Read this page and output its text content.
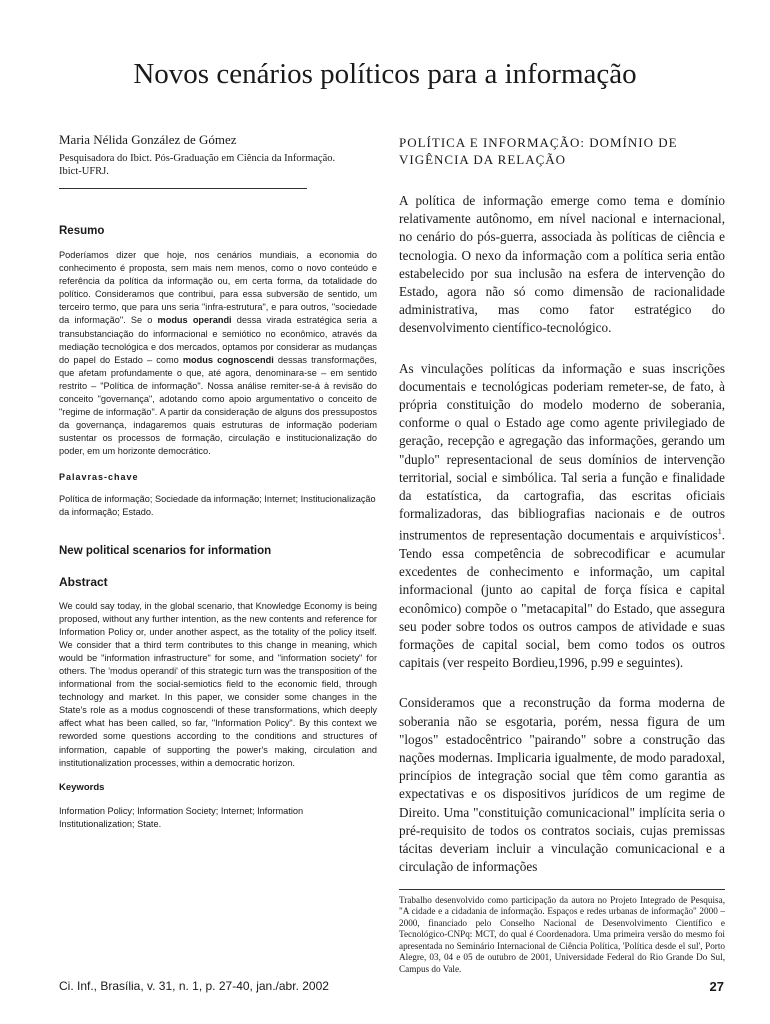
Novos cenários políticos para a informação

Maria Nélida González de Gómez

Pesquisadora do Ibict. Pós-Graduação em Ciência da Informação. Ibict-UFRJ.

Resumo

Poderíamos dizer que hoje, nos cenários mundiais, a economia do conhecimento é proposta, sem mais nem menos, como o novo conteúdo e referência da política da informação ou, em certa forma, da totalidade do político. Consideramos que contribui, para essa subversão de sentido, um terceiro termo, que para uns seria "infra-estrutura", e para outros, "sociedade da informação". Se o modus operandi dessa virada estratégica seria a transubstanciação do informacional e semiótico no econômico, através da mediação tecnológica e dos mercados, optamos por considerar as mudanças do papel do Estado – como modus cognoscendi dessas transformações, que afetam profundamente o que, até agora, denominara-se – em sentido restrito – "Política de informação". Nossa análise remiter-se-á à revisão do conceito "governança", adotando como apoio argumentativo o conceito de "regime de informação". A partir da consideração de alguns dos pressupostos da governança, indagaremos quais estruturas de informação poderiam sustentar os processos de formação, circulação e institucionalização do poder, em um horizonte democrático.

Palavras-chave

Política de informação; Sociedade da informação; Internet; Institucionalização da informação; Estado.

New political scenarios for information

Abstract

We could say today, in the global scenario, that Knowledge Economy is being proposed, without any further intention, as the new contents and reference for Information Policy or, under another aspect, as the totality of the policy itself. We consider that a third term contributes to this change in meaning, which would be "information infrastructure" for some, and "information society" for others. The 'modus operandi' of this strategic turn was the transposition of the informational from the social-semiotics field to the economic field, through technology and market. In this paper, we consider some changes in the State's role as a modus cognoscendi of these transformations, which deeply affect what has been called, so far, "Information Policy". By this context we reworded some questions according to the conditions and structures of information, capable of supporting the power's making, circulation and institutionalization processes, within a democratic horizon.

Keywords

Information Policy; Information Society; Internet; Information Institutionalization; State.

POLÍTICA E INFORMAÇÃO: DOMÍNIO DE VIGÊNCIA DA RELAÇÃO

A política de informação emerge como tema e domínio relativamente autônomo, em nível nacional e internacional, no cenário do pós-guerra, associada às políticas de ciência e tecnologia. O nexo da informação com a política seria então estabelecido por sua inclusão na esfera de intervenção do Estado, agora não só como dimensão de racionalidade administrativa, mas como fator estratégico do desenvolvimento científico-tecnológico.

As vinculações políticas da informação e suas inscrições documentais e tecnológicas poderiam remeter-se, de fato, à própria constituição do modelo moderno de soberania, conforme o qual o Estado age como agente privilegiado de geração, recepção e agregação das informações, gerando um "duplo" representacional de seus domínios de intervenção territorial, social e simbólica. Tal seria a função e finalidade da estatística, da cartografia, das escritas oficiais formalizadoras, das bibliografias nacionais e de outros instrumentos de representação documentais e arquivísticos$^1$. Tendo essa competência de sobrecodificar e acumular excedentes de conhecimento e informação, um capital informacional (junto ao capital de força física e capital econômico) compõe o "metacapital" do Estado, que assegura seu poder sobre todos os outros campos de atividade e suas formações de capital social, bem como todos os outros capitais (ver respeito Bordieu,1996, p.99 e seguintes).

Consideramos que a reconstrução da forma moderna de soberania não se esgotaria, porém, nessa figura de um "logos" estadocêntrico "pairando" sobre a construção das nações modernas. Implicaria igualmente, de modo paradoxal, princípios de integração social que têm como garantia as expectativas e os dispositivos jurídicos de um regime de Direito. Uma "constituição comunicacional" implícita seria o pré-requisito de todos os contratos sociais, cujas premissas tácitas deveriam incluir a vinculação comunicacional e a circulação de informações

Trabalho desenvolvido como participação da autora no Projeto Integrado de Pesquisa, "A cidade e a cidadania de informação. Espaços e redes urbanas de informação" 2000 –2000, financiado pelo Conselho Nacional de Desenvolvimento Científico e Tecnológico-CNPq: MCT, do qual é Coordenadora. Uma primeira versão do mesmo foi apresentada no Seminário Internacional de Ciência Política, 'Política desde el sul', Porto Alegre, 03, 04 e 05 de outubro de 2001, Universidade Federal do Rio Grande Do Sul, Campus do Vale.

Ci. Inf., Brasília, v. 31, n. 1, p. 27-40, jan./abr. 2002	27
